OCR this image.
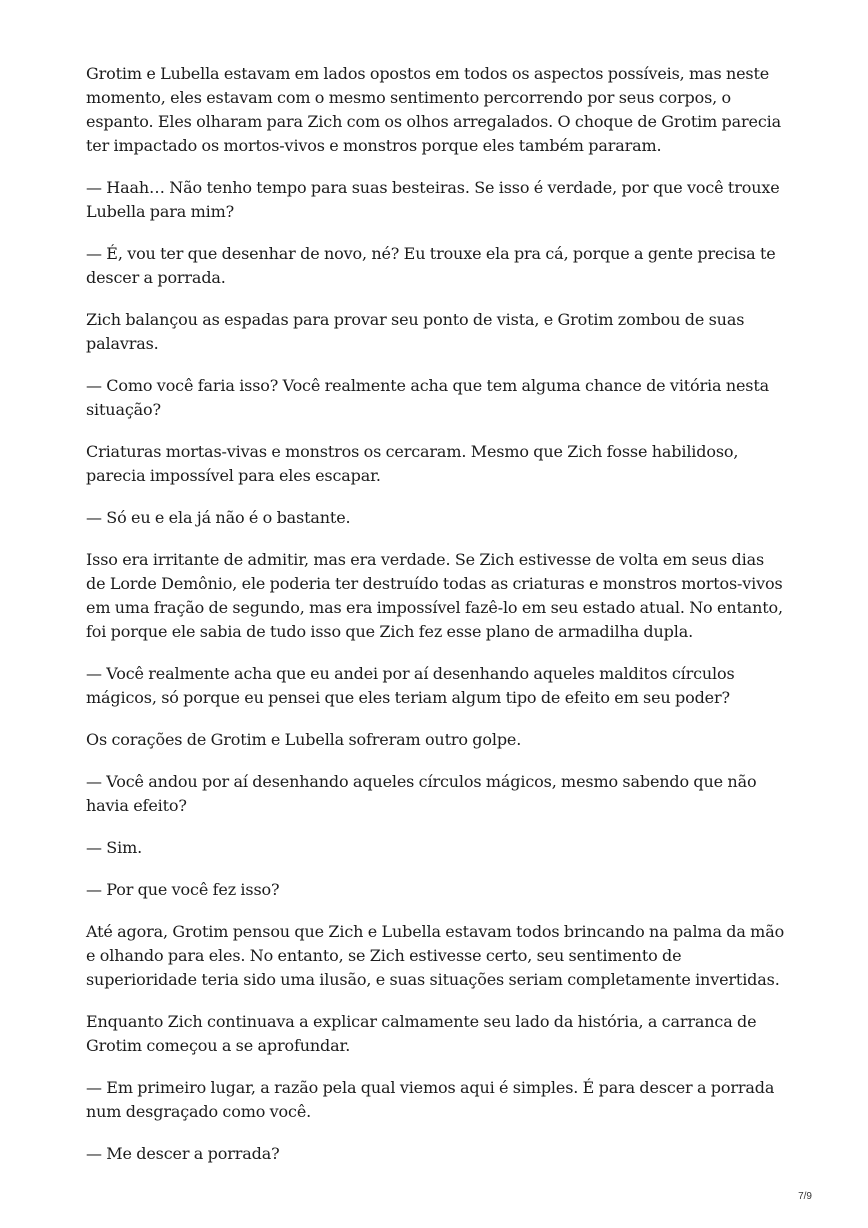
Grotim e Lubella estavam em lados opostos em todos os aspectos possíveis, mas neste momento, eles estavam com o mesmo sentimento percorrendo por seus corpos, o espanto. Eles olharam para Zich com os olhos arregalados. O choque de Grotim parecia ter impactado os mortos-vivos e monstros porque eles também pararam.

— Haah… Não tenho tempo para suas besteiras. Se isso é verdade, por que você trouxe Lubella para mim?

— É, vou ter que desenhar de novo, né? Eu trouxe ela pra cá, porque a gente precisa te descer a porrada.

Zich balançou as espadas para provar seu ponto de vista, e Grotim zombou de suas palavras.

— Como você faria isso? Você realmente acha que tem alguma chance de vitória nesta situação?

Criaturas mortas-vivas e monstros os cercaram. Mesmo que Zich fosse habilidoso, parecia impossível para eles escapar.

— Só eu e ela já não é o bastante.

Isso era irritante de admitir, mas era verdade. Se Zich estivesse de volta em seus dias de Lorde Demônio, ele poderia ter destruído todas as criaturas e monstros mortos-vivos em uma fração de segundo, mas era impossível fazê-lo em seu estado atual. No entanto, foi porque ele sabia de tudo isso que Zich fez esse plano de armadilha dupla.

— Você realmente acha que eu andei por aí desenhando aqueles malditos círculos mágicos, só porque eu pensei que eles teriam algum tipo de efeito em seu poder?

Os corações de Grotim e Lubella sofreram outro golpe.

— Você andou por aí desenhando aqueles círculos mágicos, mesmo sabendo que não havia efeito?

— Sim.

— Por que você fez isso?

Até agora, Grotim pensou que Zich e Lubella estavam todos brincando na palma da mão e olhando para eles. No entanto, se Zich estivesse certo, seu sentimento de superioridade teria sido uma ilusão, e suas situações seriam completamente invertidas.

Enquanto Zich continuava a explicar calmamente seu lado da história, a carranca de Grotim começou a se aprofundar.

— Em primeiro lugar, a razão pela qual viemos aqui é simples. É para descer a porrada num desgraçado como você.

— Me descer a porrada?

7/9
